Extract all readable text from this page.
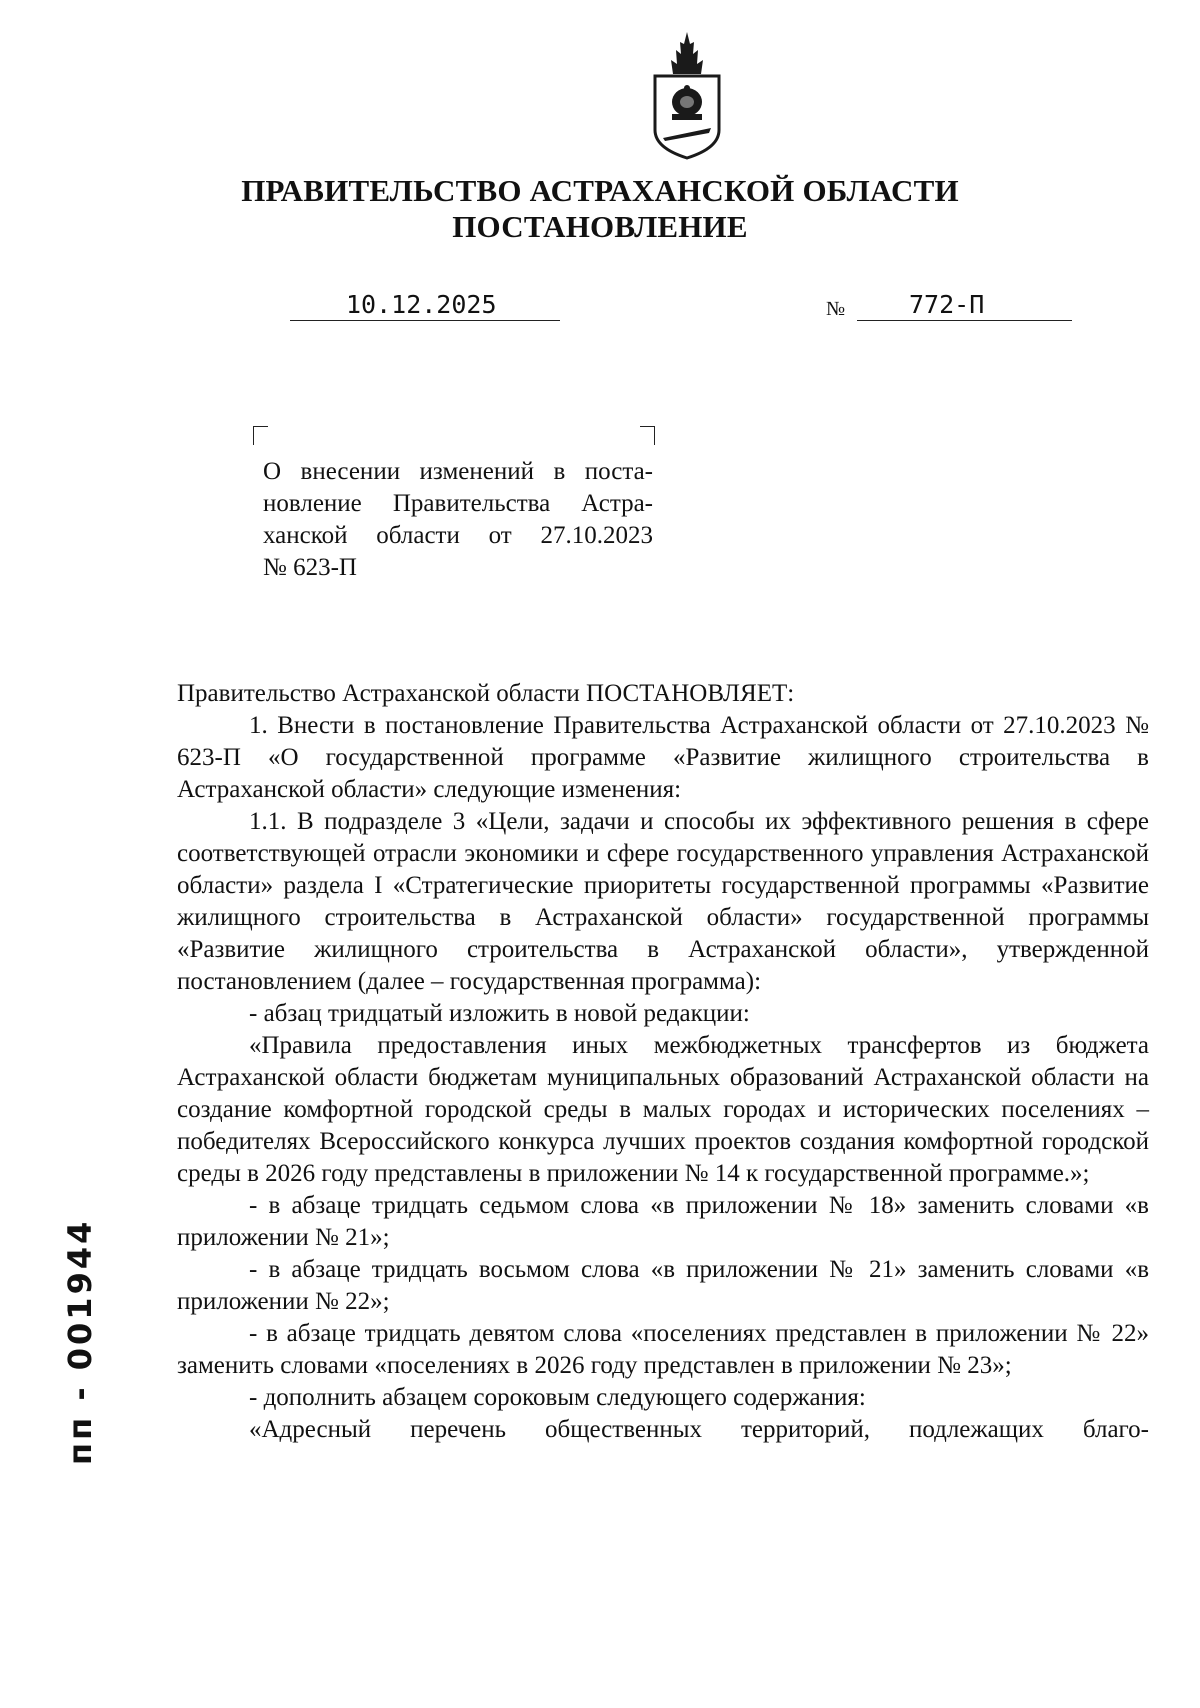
ПРАВИТЕЛЬСТВО АСТРАХАНСКОЙ ОБЛАСТИ
ПОСТАНОВЛЕНИЕ
10.12.2025	№	772-П

О внесении изменений в поста-

новление Правительства Астра-

ханской области от 27.10.2023

№ 623-П

Правительство Астраханской области ПОСТАНОВЛЯЕТ:

1. Внести в постановление Правительства Астраханской области от 27.10.2023 № 623-П «О государственной программе «Развитие жилищного строительства в Астраханской области» следующие изменения:

1.1. В подразделе 3 «Цели, задачи и способы их эффективного решения в сфере соответствующей отрасли экономики и сфере государственного управления Астраханской области» раздела I «Стратегические приоритеты государственной программы «Развитие жилищного строительства в Астраханской области» государственной программы «Развитие жилищного строительства в Астраханской области», утвержденной постановлением (далее – государственная программа):

- абзац тридцатый изложить в новой редакции:

«Правила предоставления иных межбюджетных трансфертов из бюджета Астраханской области бюджетам муниципальных образований Астраханской области на создание комфортной городской среды в малых городах и исторических поселениях – победителях Всероссийского конкурса лучших проектов создания комфортной городской среды в 2026 году представлены в приложении № 14 к государственной программе.»;

- в абзаце тридцать седьмом слова «в приложении № 18» заменить словами «в приложении № 21»;

- в абзаце тридцать восьмом слова «в приложении № 21» заменить словами «в приложении № 22»;

- в абзаце тридцать девятом слова «поселениях представлен в приложении № 22» заменить словами «поселениях в 2026 году представлен в приложении № 23»;

- дополнить абзацем сороковым следующего содержания:

«Адресный перечень общественных территорий, подлежащих благо-

пп - 001944
